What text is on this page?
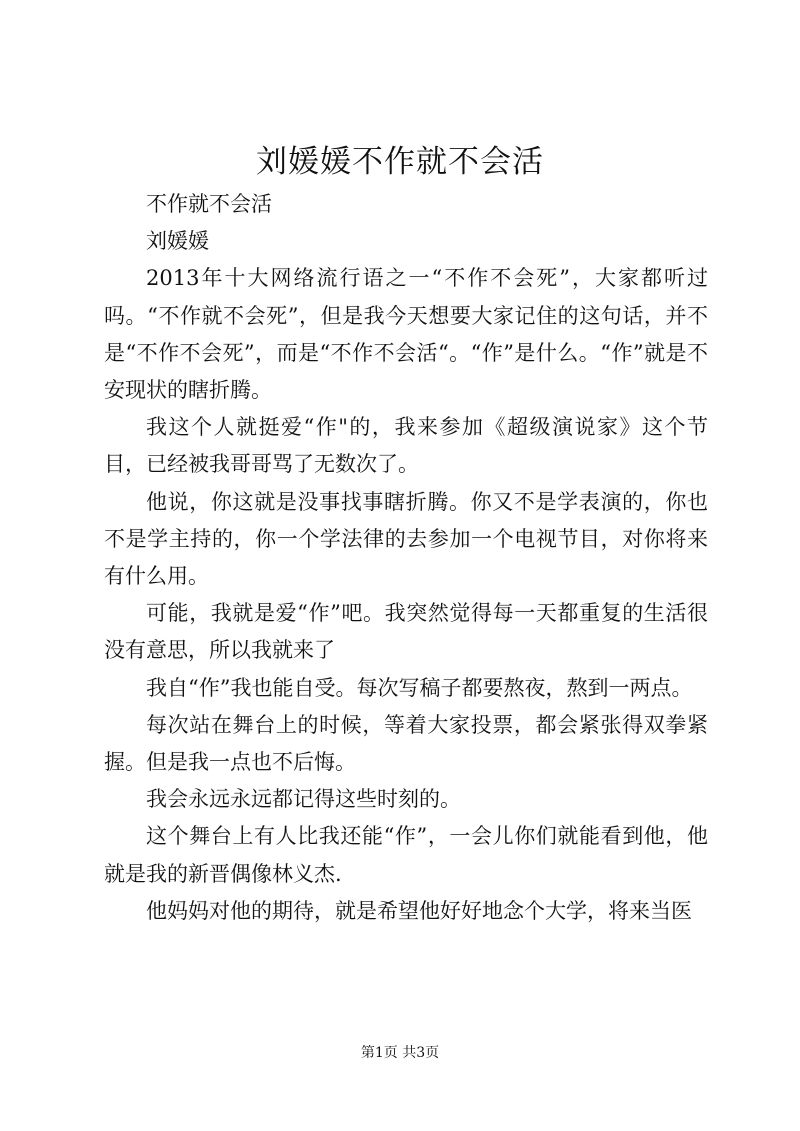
刘媛媛不作就不会活

不作就不会活

刘媛媛

2013年十大网络流行语之一“不作不会死”，大家都听过吗。“不作就不会死”，但是我今天想要大家记住的这句话，并不是“不作不会死”，而是“不作不会活“。“作”是什么。“作”就是不安现状的瞎折腾。

我这个人就挺爱“作"的，我来参加《超级演说家》这个节目，已经被我哥哥骂了无数次了。

他说，你这就是没事找事瞎折腾。你又不是学表演的，你也不是学主持的，你一个学法律的去参加一个电视节目，对你将来有什么用。

可能，我就是爱“作”吧。我突然觉得每一天都重复的生活很没有意思，所以我就来了

我自“作”我也能自受。每次写稿子都要熬夜，熬到一两点。

每次站在舞台上的时候，等着大家投票，都会紧张得双拳紧握。但是我一点也不后悔。

我会永远永远都记得这些时刻的。

这个舞台上有人比我还能“作”，一会儿你们就能看到他，他就是我的新晋偶像林义杰.

他妈妈对他的期待，就是希望他好好地念个大学，将来当医

第1页 共3页
